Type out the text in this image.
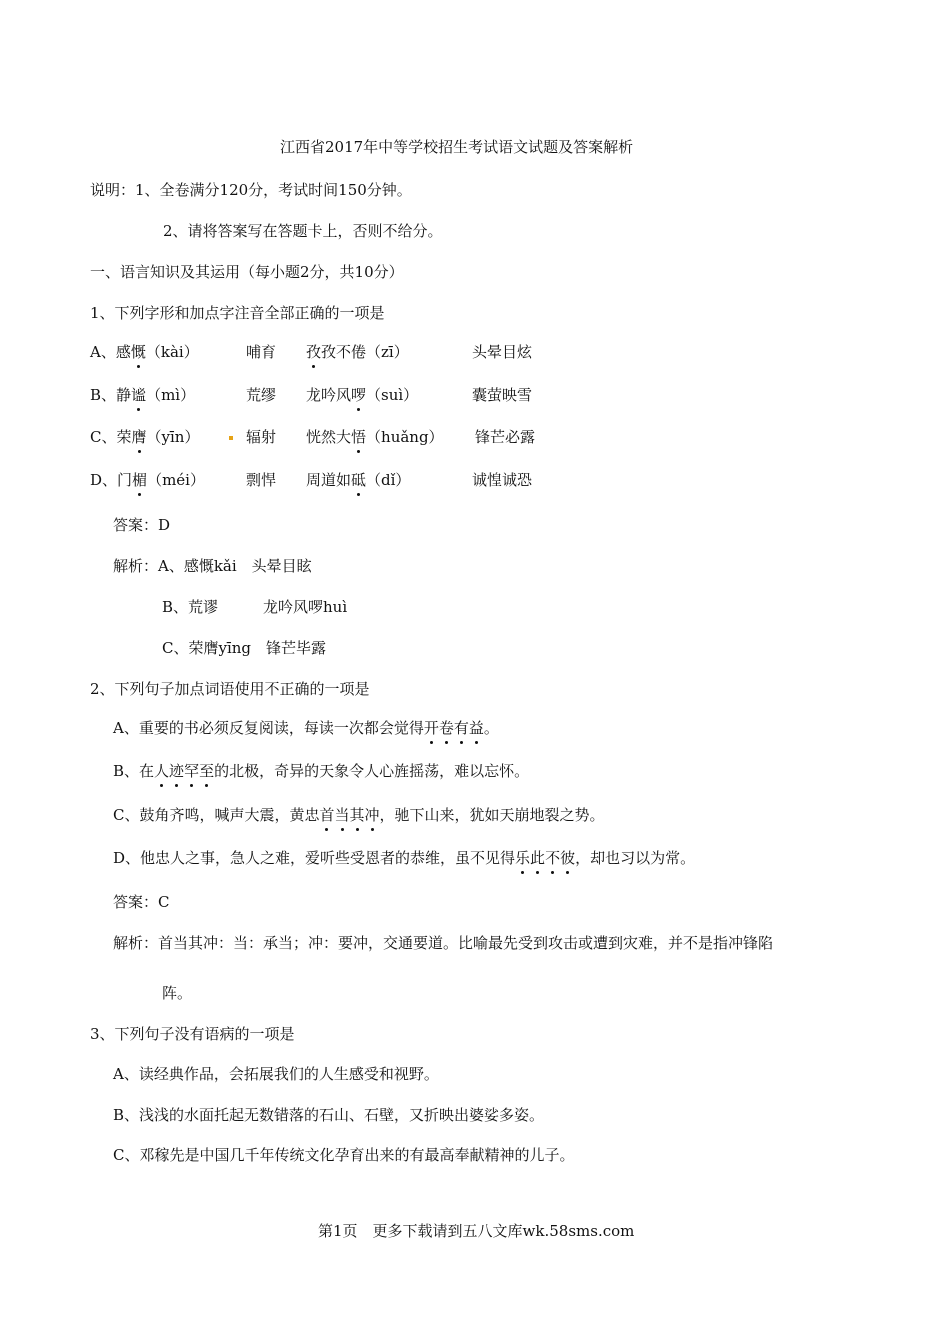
江西省2017年中等学校招生考试语文试题及答案解析
说明：1、全卷满分120分，考试时间150分钟。
2、请将答案写在答题卡上，否则不给分。
一、语言知识及其运用（每小题2分，共10分）
1、下列字形和加点字注音全部正确的一项是
A、感慨（kài）	哺育 孜孜不倦（zī）	头晕目炫
B、静谧（mì）	荒缪 龙吟风啰（suì）	囊萤映雪
C、荣膺（yīn）	辐射 恍然大悟（huǎng） 锋芒必露
D、门楣（méi）	剽悍 周道如砥（dǐ）	诚惶诚恐
答案：D
解析：A、感慨kǎi　头晕目眩
B、荒谬　　　龙吟风啰huì
C、荣膺yīng　锋芒毕露
2、下列句子加点词语使用不正确的一项是
A、重要的书必须反复阅读，每读一次都会觉得开卷有益。
B、在人迹罕至的北极，奇异的天象令人心旌摇荡，难以忘怀。
C、鼓角齐鸣，喊声大震，黄忠首当其冲，驰下山来，犹如天崩地裂之势。
D、他忠人之事，急人之难，爱听些受恩者的恭维，虽不见得乐此不彼，却也习以为常。
答案：C
解析：首当其冲：当：承当；冲：要冲，交通要道。比喻最先受到攻击或遭到灾难，并不是指冲锋陷
阵。
3、下列句子没有语病的一项是
A、读经典作品，会拓展我们的人生感受和视野。
B、浅浅的水面托起无数错落的石山、石壁，又折映出婆娑多姿。
C、邓稼先是中国几千年传统文化孕育出来的有最高奉献精神的儿子。
第1页　更多下载请到五八文库wk.58sms.com
